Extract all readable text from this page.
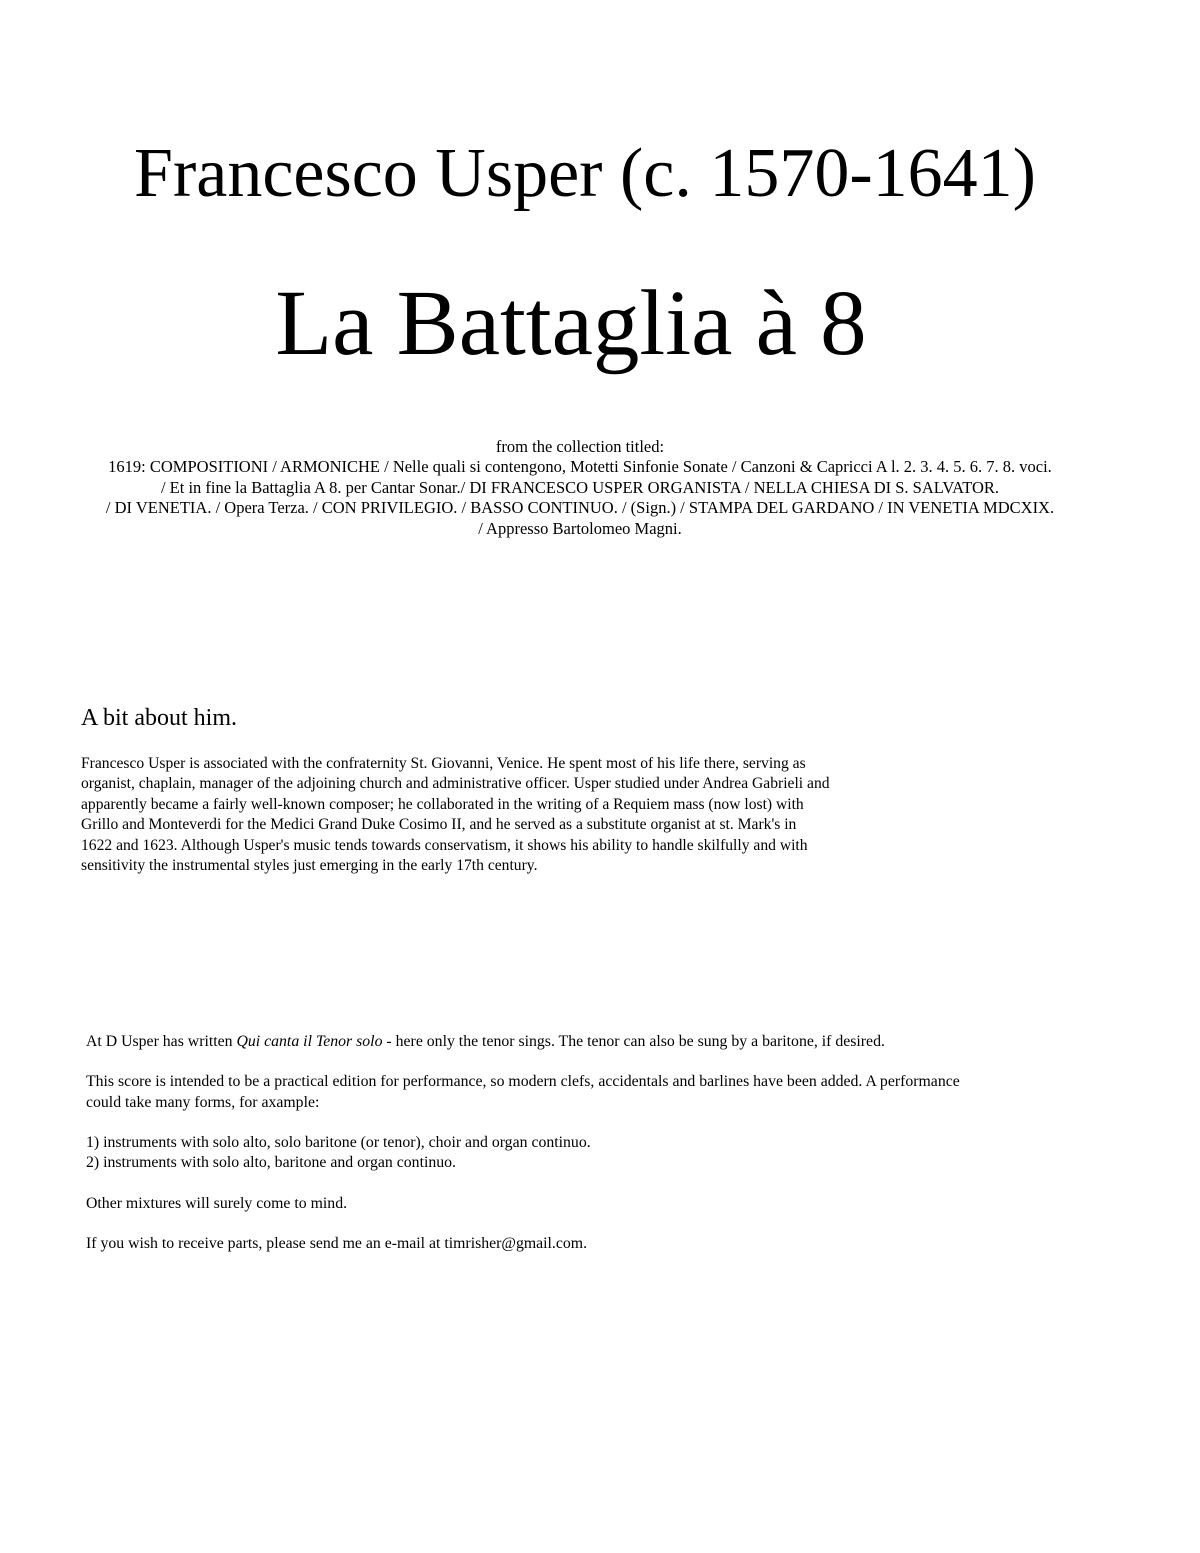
Francesco Usper (c. 1570-1641)
La Battaglia à 8
from the collection titled:
1619: COMPOSITIONI / ARMONICHE / Nelle quali si contengono, Motetti Sinfonie Sonate / Canzoni & Capricci A l. 2. 3. 4. 5. 6. 7. 8. voci.
/ Et in fine la Battaglia A 8. per Cantar Sonar./ DI FRANCESCO USPER ORGANISTA / NELLA CHIESA DI S. SALVATOR.
/ DI VENETIA. / Opera Terza. / CON PRIVILEGIO. / BASSO CONTINUO. / (Sign.) / STAMPA DEL GARDANO / IN VENETIA MDCXIX.
/ Appresso Bartolomeo Magni.
A bit about him.
Francesco Usper is associated with the confraternity St. Giovanni, Venice. He spent most of his life there, serving as
organist, chaplain, manager of the adjoining church and administrative officer. Usper studied under Andrea Gabrieli and
apparently became a fairly well-known composer; he collaborated in the writing of a Requiem mass (now lost) with
Grillo and Monteverdi for the Medici Grand Duke Cosimo II, and he served as a substitute organist at st. Mark's in
1622 and 1623. Although Usper's music tends towards conservatism, it shows his ability to handle skilfully and with
sensitivity the instrumental styles just emerging in the early 17th century.

At D Usper has written Qui canta il Tenor solo - here only the tenor sings. The tenor can also be sung by a baritone, if desired.

This score is intended to be a practical edition for performance, so modern clefs, accidentals and barlines have been added. A performance
could take many forms, for axample:

1) instruments with solo alto, solo baritone (or tenor), choir and organ continuo.
2) instruments with solo alto, baritone and organ continuo.

Other mixtures will surely come to mind.

If you wish to receive parts, please send me an e-mail at timrisher@gmail.com.
